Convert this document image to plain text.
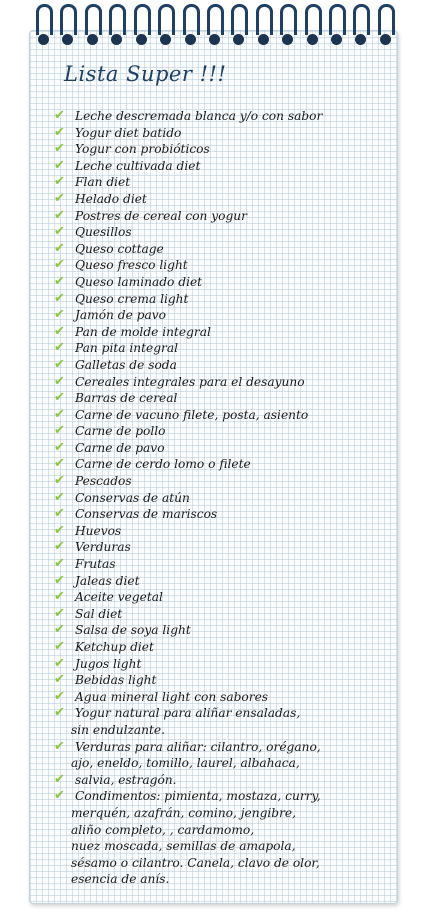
Lista Super !!!
✔ Leche descremada blanca y/o con sabor
✔ Yogur diet batido
✔ Yogur con probióticos
✔ Leche cultivada diet
✔ Flan diet
✔ Helado diet
✔ Postres de cereal con yogur
✔ Quesillos
✔ Queso cottage
✔ Queso fresco light
✔ Queso laminado diet
✔ Queso crema light
✔ Jamón de pavo
✔ Pan de molde integral
✔ Pan pita integral
✔ Galletas de soda
✔ Cereales integrales para el desayuno
✔ Barras de cereal
✔ Carne de vacuno filete, posta, asiento
✔ Carne de pollo
✔ Carne de pavo
✔ Carne de cerdo lomo o filete
✔ Pescados
✔ Conservas de atún
✔ Conservas de mariscos
✔ Huevos
✔ Verduras
✔ Frutas
✔ Jaleas diet
✔ Aceite vegetal
✔ Sal diet
✔ Salsa de soya light
✔ Ketchup diet
✔ Jugos light
✔ Bebidas light
✔ Agua mineral light con sabores
✔ Yogur natural para aliñar ensaladas,
sin endulzante.
✔ Verduras para aliñar: cilantro, orégano,
ajo, eneldo, tomillo, laurel, albahaca,
✔ salvia, estragón.
✔ Condimentos: pimienta, mostaza, curry,
merquén, azafrán, comino, jengibre,
aliño completo, , cardamomo,
nuez moscada, semillas de amapola,
sésamo o cilantro. Canela, clavo de olor,
esencia de anís.
